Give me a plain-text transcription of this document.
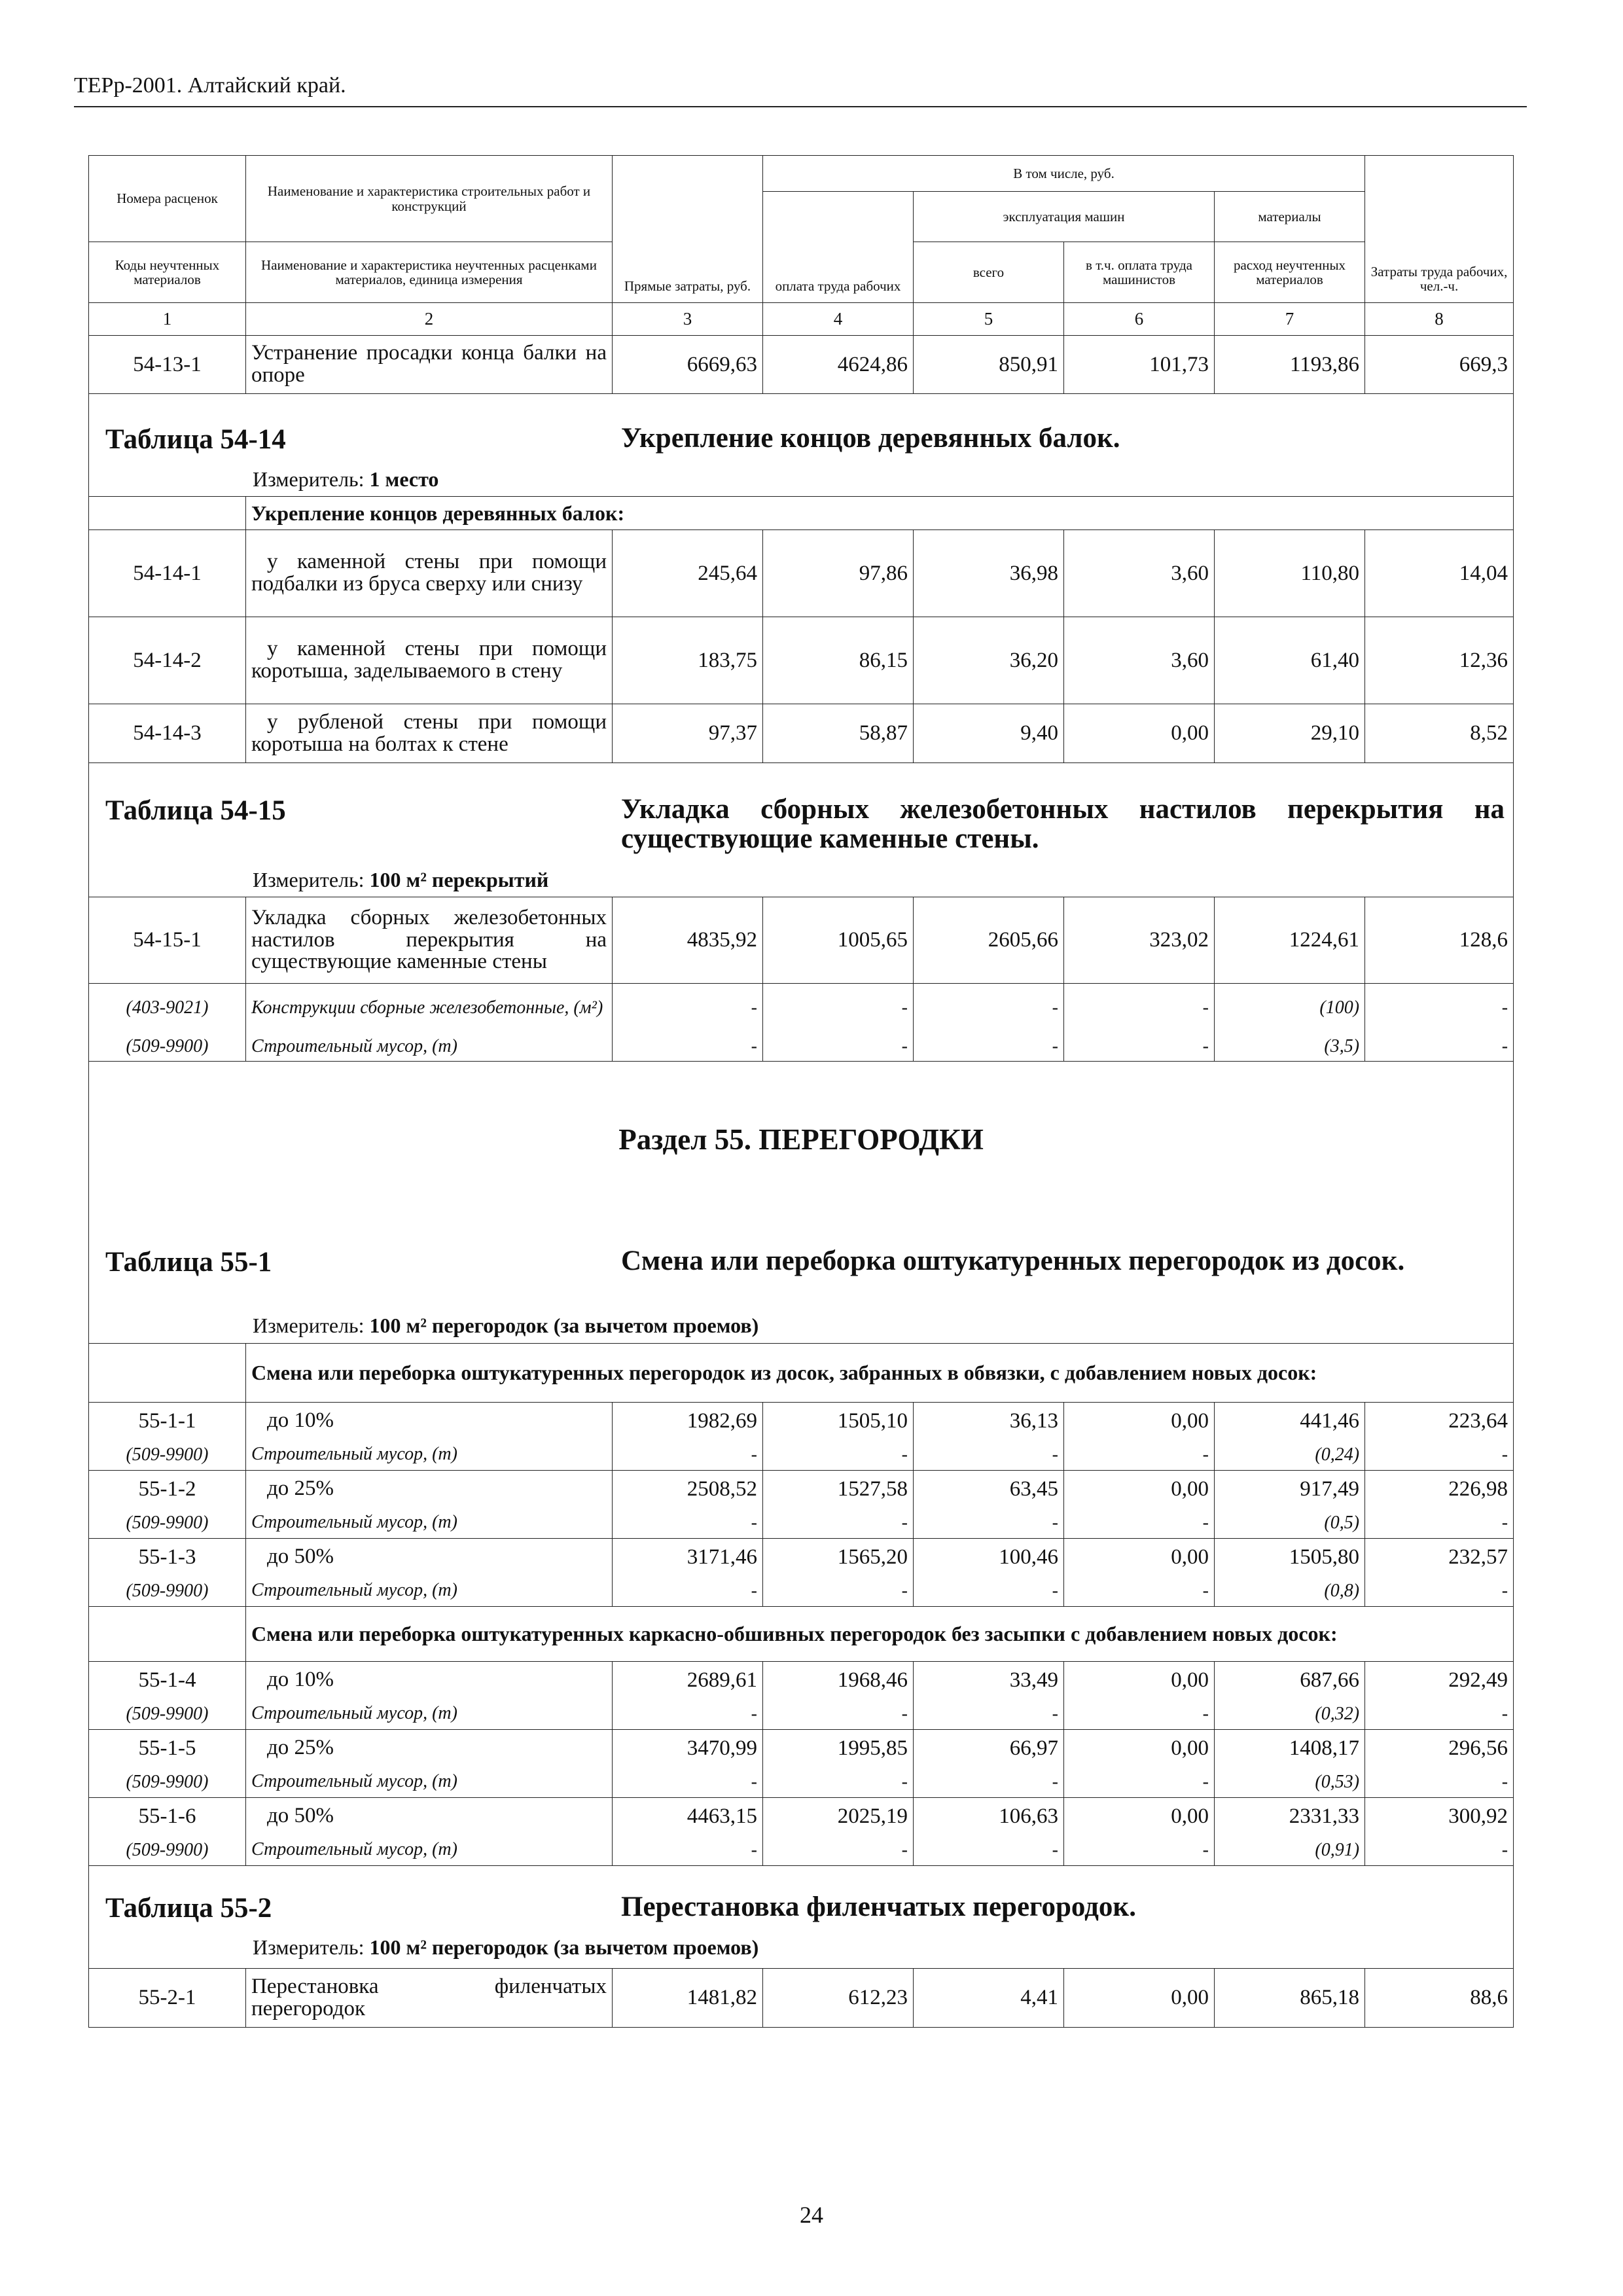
ТЕРр-2001. Алтайский край.
Номера расценок	Наименование и характеристика строительных работ и конструкций	Прямые затраты, руб.	В том числе, руб.				Затраты труда рабочих, чел.-ч.
			оплата труда рабочих	эксплуатация машин		материалы	
Коды неучтенных материалов	Наименование и характеристика неучтенных расценками материалов, единица измерения			всего	в т.ч. оплата труда машинистов	расход неучтенных материалов	
1	2	3	4	5	6	7	8
54-13-1	Устранение просадки конца балки на опоре	6669,63	4624,86	850,91	101,73	1193,86	669,3

Таблица 54-14 Укрепление концов деревянных балок.
Измеритель: 1 место							

	Укрепление концов деревянных балок:						
54-14-1	у каменной стены при помощи подбалки из бруса сверху или снизу	245,64	97,86	36,98	3,60	110,80	14,04
54-14-2	у каменной стены при помощи коротыша, заделываемого в стену	183,75	86,15	36,20	3,60	61,40	12,36
54-14-3	у рубленой стены при помощи коротыша на болтах к стене	97,37	58,87	9,40	0,00	29,10	8,52

Таблица 54-15 Укладка сборных железобетонных настилов перекрытия на существующие каменные стены.
Измеритель: 100 м² перекрытий							

54-15-1	Укладка сборных железобетонных настилов перекрытия на существующие каменные стены	4835,92	1005,65	2605,66	323,02	1224,61	128,6
(403-9021)	Конструкции сборные железобетонные, (м²)	-	-	-	-	(100)	-
(509-9900)	Строительный мусор, (т)	-	-	-	-	(3,5)	-

Раздел 55. ПЕРЕГОРОДКИ
Таблица 55-1 Смена или переборка оштукатуренных перегородок из досок.
Измеритель: 100 м² перегородок (за вычетом проемов)							

	Смена или переборка оштукатуренных перегородок из досок, забранных в обвязки, с добавлением новых досок:						
55-1-1	до 10%	1982,69	1505,10	36,13	0,00	441,46	223,64
(509-9900)	Строительный мусор, (т)	-	-	-	-	(0,24)	-
55-1-2	до 25%	2508,52	1527,58	63,45	0,00	917,49	226,98
(509-9900)	Строительный мусор, (т)	-	-	-	-	(0,5)	-
55-1-3	до 50%	3171,46	1565,20	100,46	0,00	1505,80	232,57
(509-9900)	Строительный мусор, (т)	-	-	-	-	(0,8)	-
	Смена или переборка оштукатуренных каркасно-обшивных перегородок без засыпки с добавлением новых досок:						
55-1-4	до 10%	2689,61	1968,46	33,49	0,00	687,66	292,49
(509-9900)	Строительный мусор, (т)	-	-	-	-	(0,32)	-
55-1-5	до 25%	3470,99	1995,85	66,97	0,00	1408,17	296,56
(509-9900)	Строительный мусор, (т)	-	-	-	-	(0,53)	-
55-1-6	до 50%	4463,15	2025,19	106,63	0,00	2331,33	300,92
(509-9900)	Строительный мусор, (т)	-	-	-	-	(0,91)	-

Таблица 55-2 Перестановка филенчатых перегородок.
Измеритель: 100 м² перегородок (за вычетом проемов)							

55-2-1	Перестановка филенчатых перегородок	1481,82	612,23	4,41	0,00	865,18	88,6
24
